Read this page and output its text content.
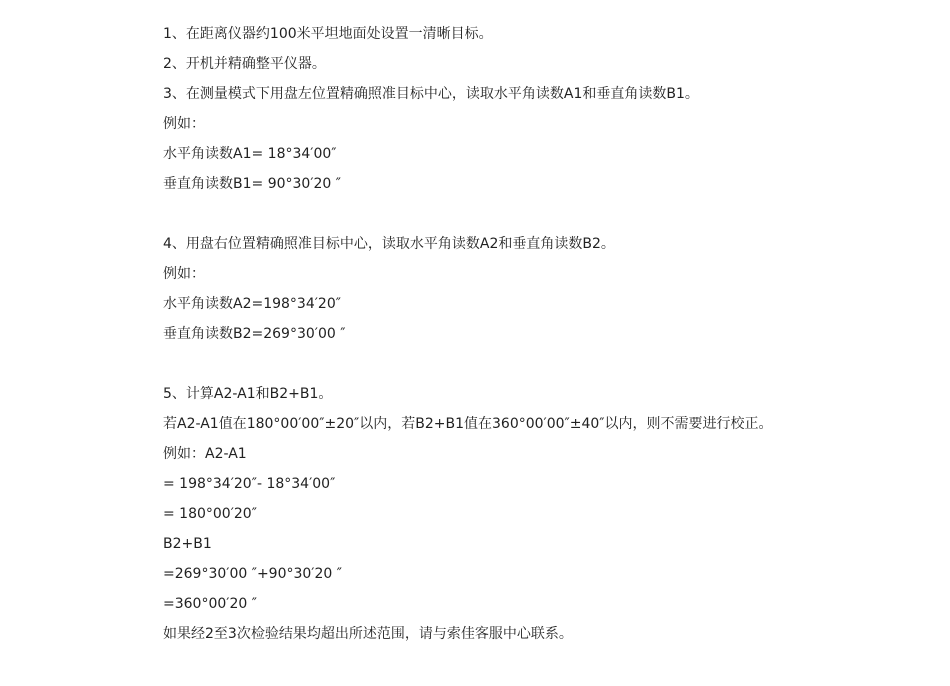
1、在距离仪器约100米平坦地面处设置一清晰目标。
2、开机并精确整平仪器。
3、在测量模式下用盘左位置精确照准目标中心，读取水平角读数A1和垂直角读数B1。
例如：
水平角读数A1= 18°34′00″
垂直角读数B1= 90°30′20 ″
4、用盘右位置精确照准目标中心，读取水平角读数A2和垂直角读数B2。
例如：
水平角读数A2=198°34′20″
垂直角读数B2=269°30′00 ″
5、计算A2-A1和B2+B1。
若A2-A1值在180°00′00″±20″以内，若B2+B1值在360°00′00″±40″以内，则不需要进行校正。
例如：A2-A1
= 198°34′20″- 18°34′00″
= 180°00′20″
B2+B1
=269°30′00 ″+90°30′20 ″
=360°00′20 ″
如果经2至3次检验结果均超出所述范围，请与索佳客服中心联系。
